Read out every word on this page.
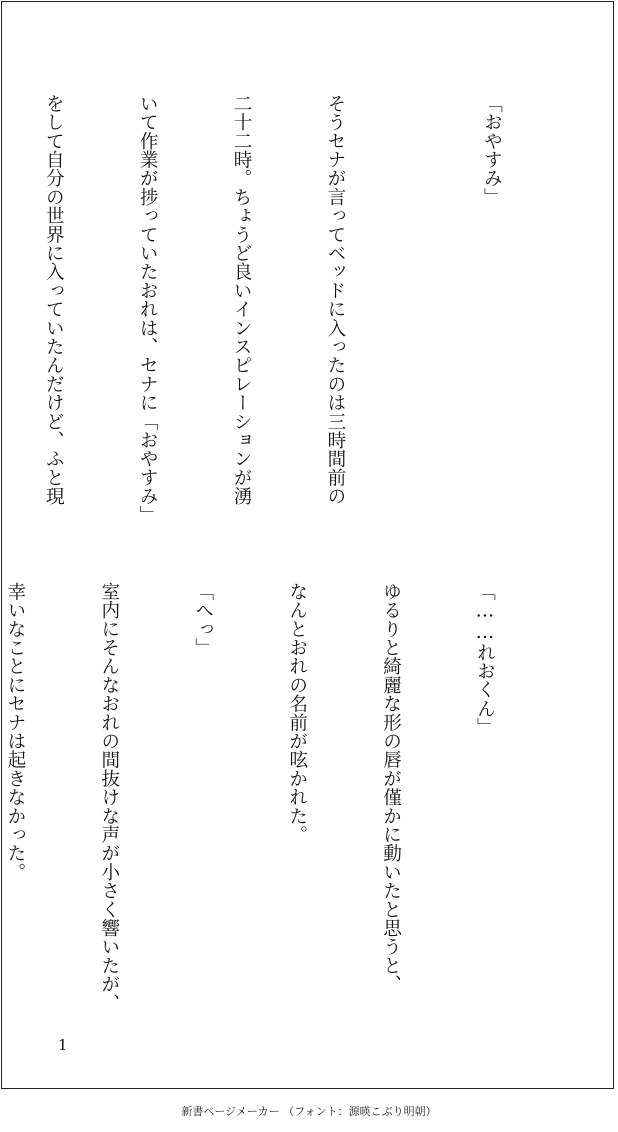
「おやすみ」

そうセナが言ってベッドに入ったのは三時間前の

二十二時。ちょうど良いインスピレーションが湧

いて作業が捗っていたおれは、セナに「おやすみ」

をして自分の世界に入っていたんだけど、ふと現

「……れおくん」

ゆるりと綺麗な形の唇が僅かに動いたと思うと、

なんとおれの名前が呟かれた。

「へっ」

室内にそんなおれの間抜けな声が小さく響いたが、

幸いなことにセナは起きなかった。

1
新書ページメーカー （フォント：源暎こぶり明朝）
